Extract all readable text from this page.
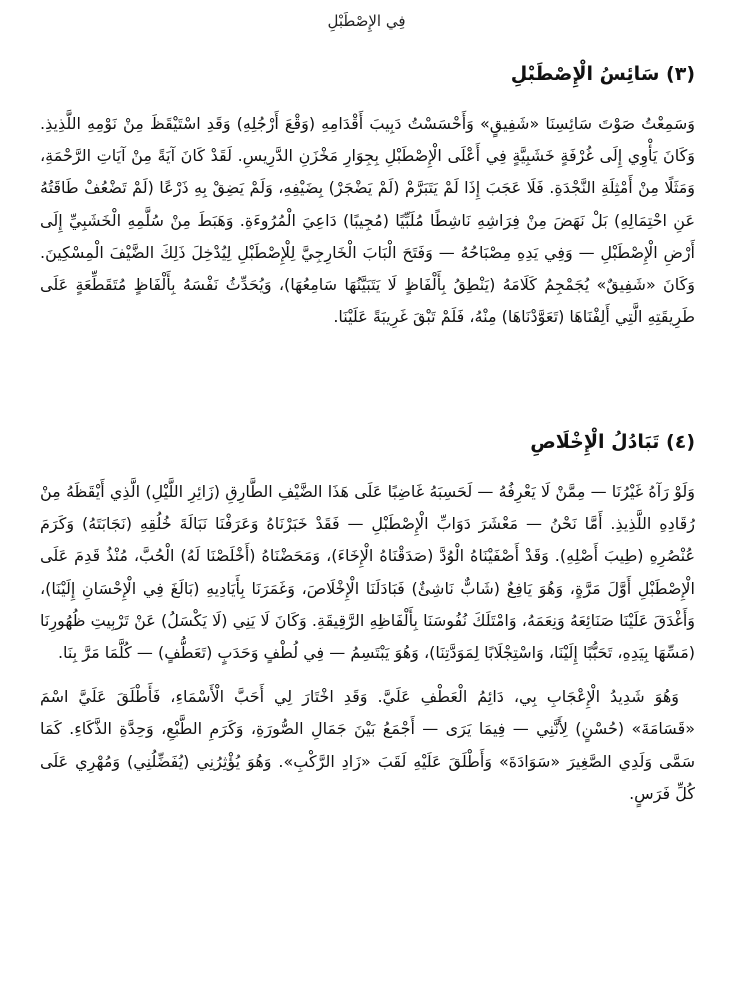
فِي الإِصْطَبْلِ
(٣) سَائِسُ الْإِصْطَبْلِ

وَسَمِعْتُ صَوْتَ سَائِسِنَا «شَفِيقٍ» وَأَحْسَسْتُ دَبِيبَ أَقْدَامِهِ (وَقْعَ أَرْجُلِهِ) وَقَدِ اسْتَيْقَظَ مِنْ نَوْمِهِ اللَّذِيذِ. وَكَانَ يَأْوِي إِلَى غُرْفَةٍ خَشَبِيَّةٍ فِي أَعْلَى الْإِصْطَبْلِ بِجِوَارِ مَخْزَنِ الدَّرِيسِ. لَقَدْ كَانَ آيَةً مِنْ آيَاتِ الرَّحْمَةِ، وَمَثَلًا مِنْ أَمْثِلَةِ النَّجْدَةِ. فَلَا عَجَبَ إِذَا لَمْ يَتَبَرَّمْ (لَمْ يَضْجَرْ) بِضَيْفِهِ، وَلَمْ يَضِقْ بِهِ ذَرْعًا (لَمْ تَضْعُفْ طَاقَتُهُ عَنِ احْتِمَالِهِ) بَلْ نَهَضَ مِنْ فِرَاشِهِ نَاشِطًا مُلَبِّيًا (مُجِيبًا) دَاعِيَ الْمُرُوءَةِ. وَهَبَطَ مِنْ سُلَّمِهِ الْخَشَبِيِّ إِلَى أَرْضِ الْإِصْطَبْلِ — وَفِي يَدِهِ مِصْبَاحُهُ — وَفَتَحَ الْبَابَ الْخَارِجِيَّ لِلْإِصْطَبْلِ لِيُدْخِلَ ذَلِكَ الضَّيْفَ الْمِسْكِينَ. وَكَانَ «شَفِيقٌ» يُجَمْجِمُ كَلَامَهُ (يَنْطِقُ بِأَلْفَاظٍ لَا يَتَبَيَّنُهَا سَامِعُهَا)، وَيُحَدِّثُ نَفْسَهُ بِأَلْفَاظٍ مُتَقَطِّعَةٍ عَلَى طَرِيقَتِهِ الَّتِي أَلِفْنَاهَا (تَعَوَّدْنَاهَا) مِنْهُ، فَلَمْ تَبْقَ غَرِيبَةً عَلَيْنَا.

(٤) تَبَادُلُ الْإِخْلَاصِ

وَلَوْ رَآهُ غَيْرُنَا — مِمَّنْ لَا يَعْرِفُهُ — لَحَسِبَهُ غَاضِبًا عَلَى هَذَا الضَّيْفِ الطَّارِقِ (زَائِرِ اللَّيْلِ) الَّذِي أَيْقَظَهُ مِنْ رُقَادِهِ اللَّذِيذِ. أَمَّا نَحْنُ — مَعْشَرَ دَوَابِّ الْإِصْطَبْلِ — فَقَدْ خَبَرْنَاهُ وَعَرَفْنَا نَبَالَةَ خُلُقِهِ (نَجَابَتَهُ) وَكَرَمَ عُنْصُرِهِ (طِيبَ أَصْلِهِ). وَقَدْ أَصْفَيْنَاهُ الْوُدَّ (صَدَقْنَاهُ الْإِخَاءَ)، وَمَحَضْنَاهُ (أَخْلَصْنَا لَهُ) الْحُبَّ، مُنْذُ قَدِمَ عَلَى الْإِصْطَبْلِ أَوَّلَ مَرَّةٍ، وَهُوَ يَافِعٌ (شَابٌّ نَاشِئٌ) فَبَادَلَنَا الْإِخْلَاصَ، وَغَمَرَنَا بِأَيَادِيهِ (بَالَغَ فِي الْإِحْسَانِ إِلَيْنَا)، وَأَغْدَقَ عَلَيْنَا صَنَائِعَهُ وَنِعَمَهُ، وَامْتَلَكَ نُفُوسَنَا بِأَلْفَاظِهِ الرَّقِيقَةِ. وَكَانَ لَا يَنِي (لَا يَكْسَلُ) عَنْ تَرْبِيتِ ظُهُورِنَا (مَسِّهَا بِيَدِهِ، تَحَبُّبًا إِلَيْنَا، وَاسْتِجْلَابًا لِمَوَدَّتِنَا)، وَهُوَ يَبْتَسِمُ — فِي لُطْفٍ وَحَدَبٍ (تَعَطُّفٍ) — كُلَّمَا مَرَّ بِنَا.

وَهُوَ شَدِيدُ الْإِعْجَابِ بِي، دَائِمُ الْعَطْفِ عَلَيَّ. وَقَدِ اخْتَارَ لِي أَحَبَّ الْأَسْمَاءِ، فَأَطْلَقَ عَلَيَّ اسْمَ «قَسَامَةَ» (حُسْنٍ) لِأَنَّنِي — فِيمَا يَرَى — أَجْمَعُ بَيْنَ جَمَالِ الصُّورَةِ، وَكَرَمِ الطَّبْعِ، وَحِدَّةِ الذَّكَاءِ. كَمَا سَمَّى وَلَدِي الصَّغِيرَ «سَوَادَةَ» وَأَطْلَقَ عَلَيْهِ لَقَبَ «زَادِ الرَّكْبِ». وَهُوَ يُؤْثِرُنِي (يُفَضِّلُنِي) وَمُهْرِي عَلَى كُلِّ فَرَسٍ.
